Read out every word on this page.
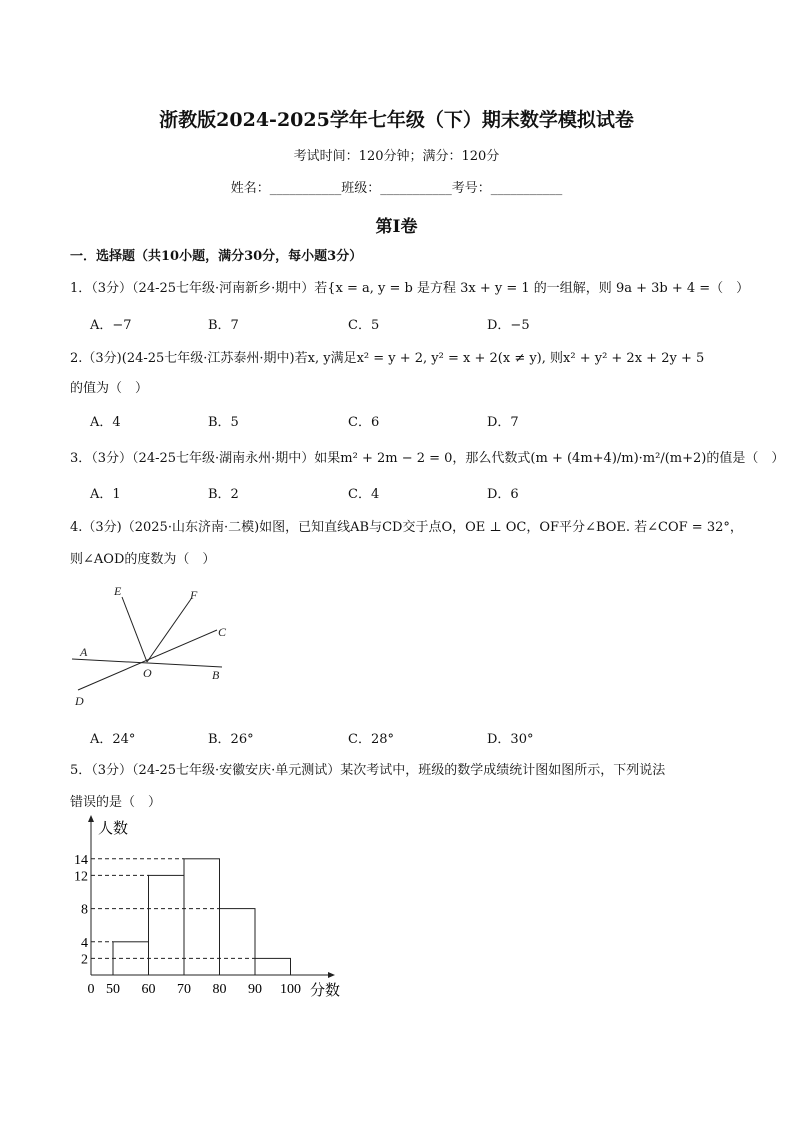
浙教版2024-2025学年七年级（下）期末数学模拟试卷
考试时间：120分钟；满分：120分
姓名：___________班级：___________考号：___________
第I卷
一．选择题（共10小题，满分30分，每小题3分）
1．（3分）（24-25七年级·河南新乡·期中）若{x = a, y = b 是方程 3x + y = 1 的一组解，则 9a + 3b + 4 =（　）
A．−7	B．7	C．5	D．−5
2.（3分)(24-25七年级·江苏泰州·期中)若x, y满足x² = y + 2, y² = x + 2(x ≠ y), 则x² + y² + 2x + 2y + 5
的值为（　）
A．4	B．5	C．6	D．7
3．（3分）（24-25七年级·湖南永州·期中）如果m² + 2m − 2 = 0，那么代数式(m + (4m+4)/m)·m²/(m+2)的值是（　）
A．1	B．2	C．4	D．6
4.（3分)（2025·山东济南·二模)如图，已知直线AB与CD交于点O，OE ⊥ OC，OF平分∠BOE. 若∠COF = 32°，
则∠AOD的度数为（　）
E	F
C
A
O	B
D
A．24°	B．26°	C．28°	D．30°
5．（3分）（24-25七年级·安徽安庆·单元测试）某次考试中，班级的数学成绩统计图如图所示，下列说法
错误的是（　）
人数
分数
2
4
8
12
14
0 50 60 70 80 90 100
